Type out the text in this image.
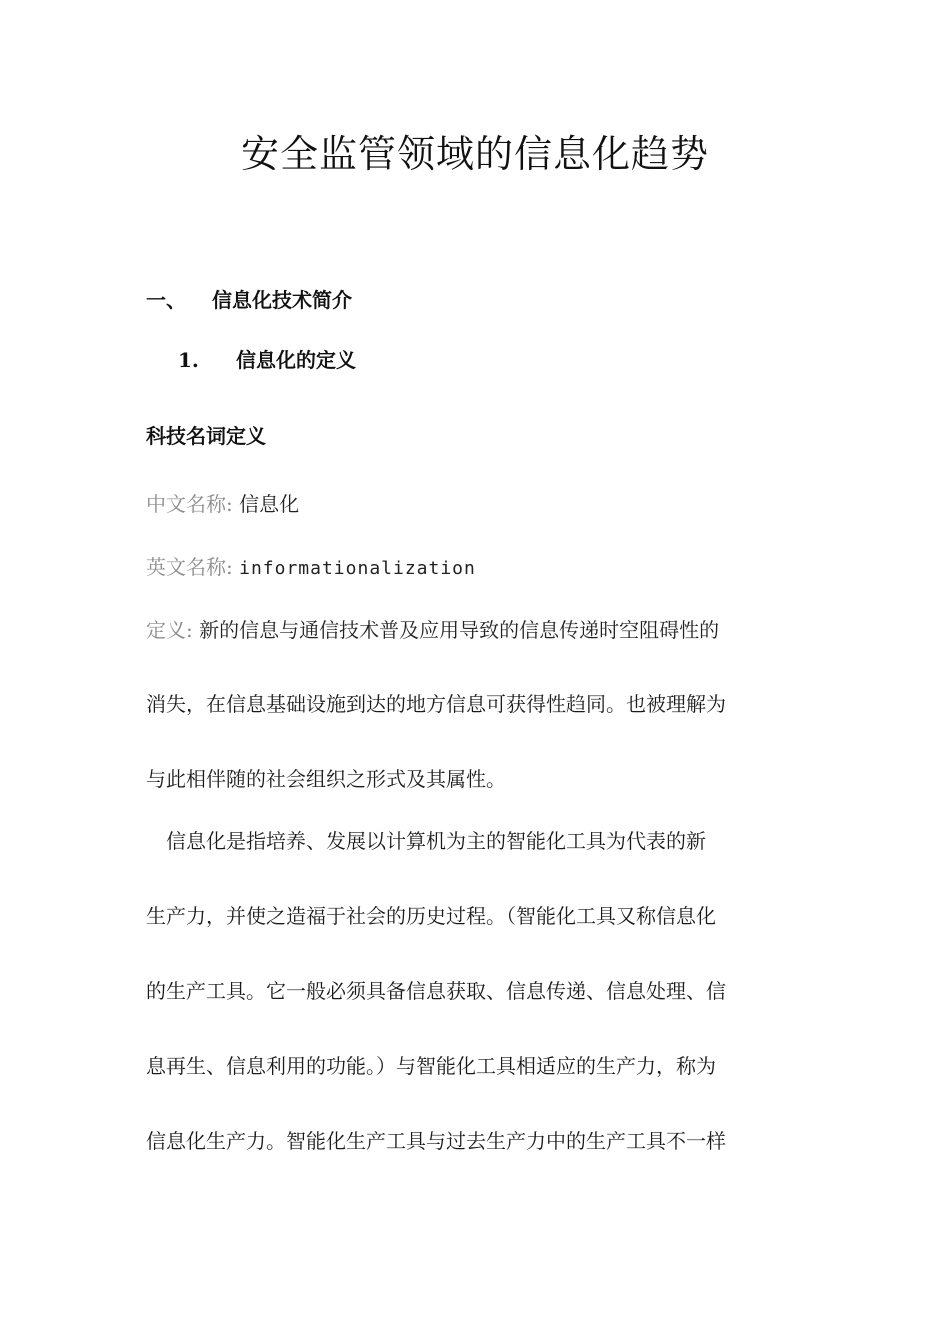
安全监管领域的信息化趋势
一、 信息化技术简介
1. 信息化的定义
科技名词定义
中文名称: 信息化
英文名称: informationalization
定义: 新的信息与通信技术普及应用导致的信息传递时空阻碍性的
消失，在信息基础设施到达的地方信息可获得性趋同。也被理解为
与此相伴随的社会组织之形式及其属性。
　信息化是指培养、发展以计算机为主的智能化工具为代表的新
生产力，并使之造福于社会的历史过程。（智能化工具又称信息化
的生产工具。它一般必须具备信息获取、信息传递、信息处理、信
息再生、信息利用的功能。）与智能化工具相适应的生产力，称为
信息化生产力。智能化生产工具与过去生产力中的生产工具不一样
